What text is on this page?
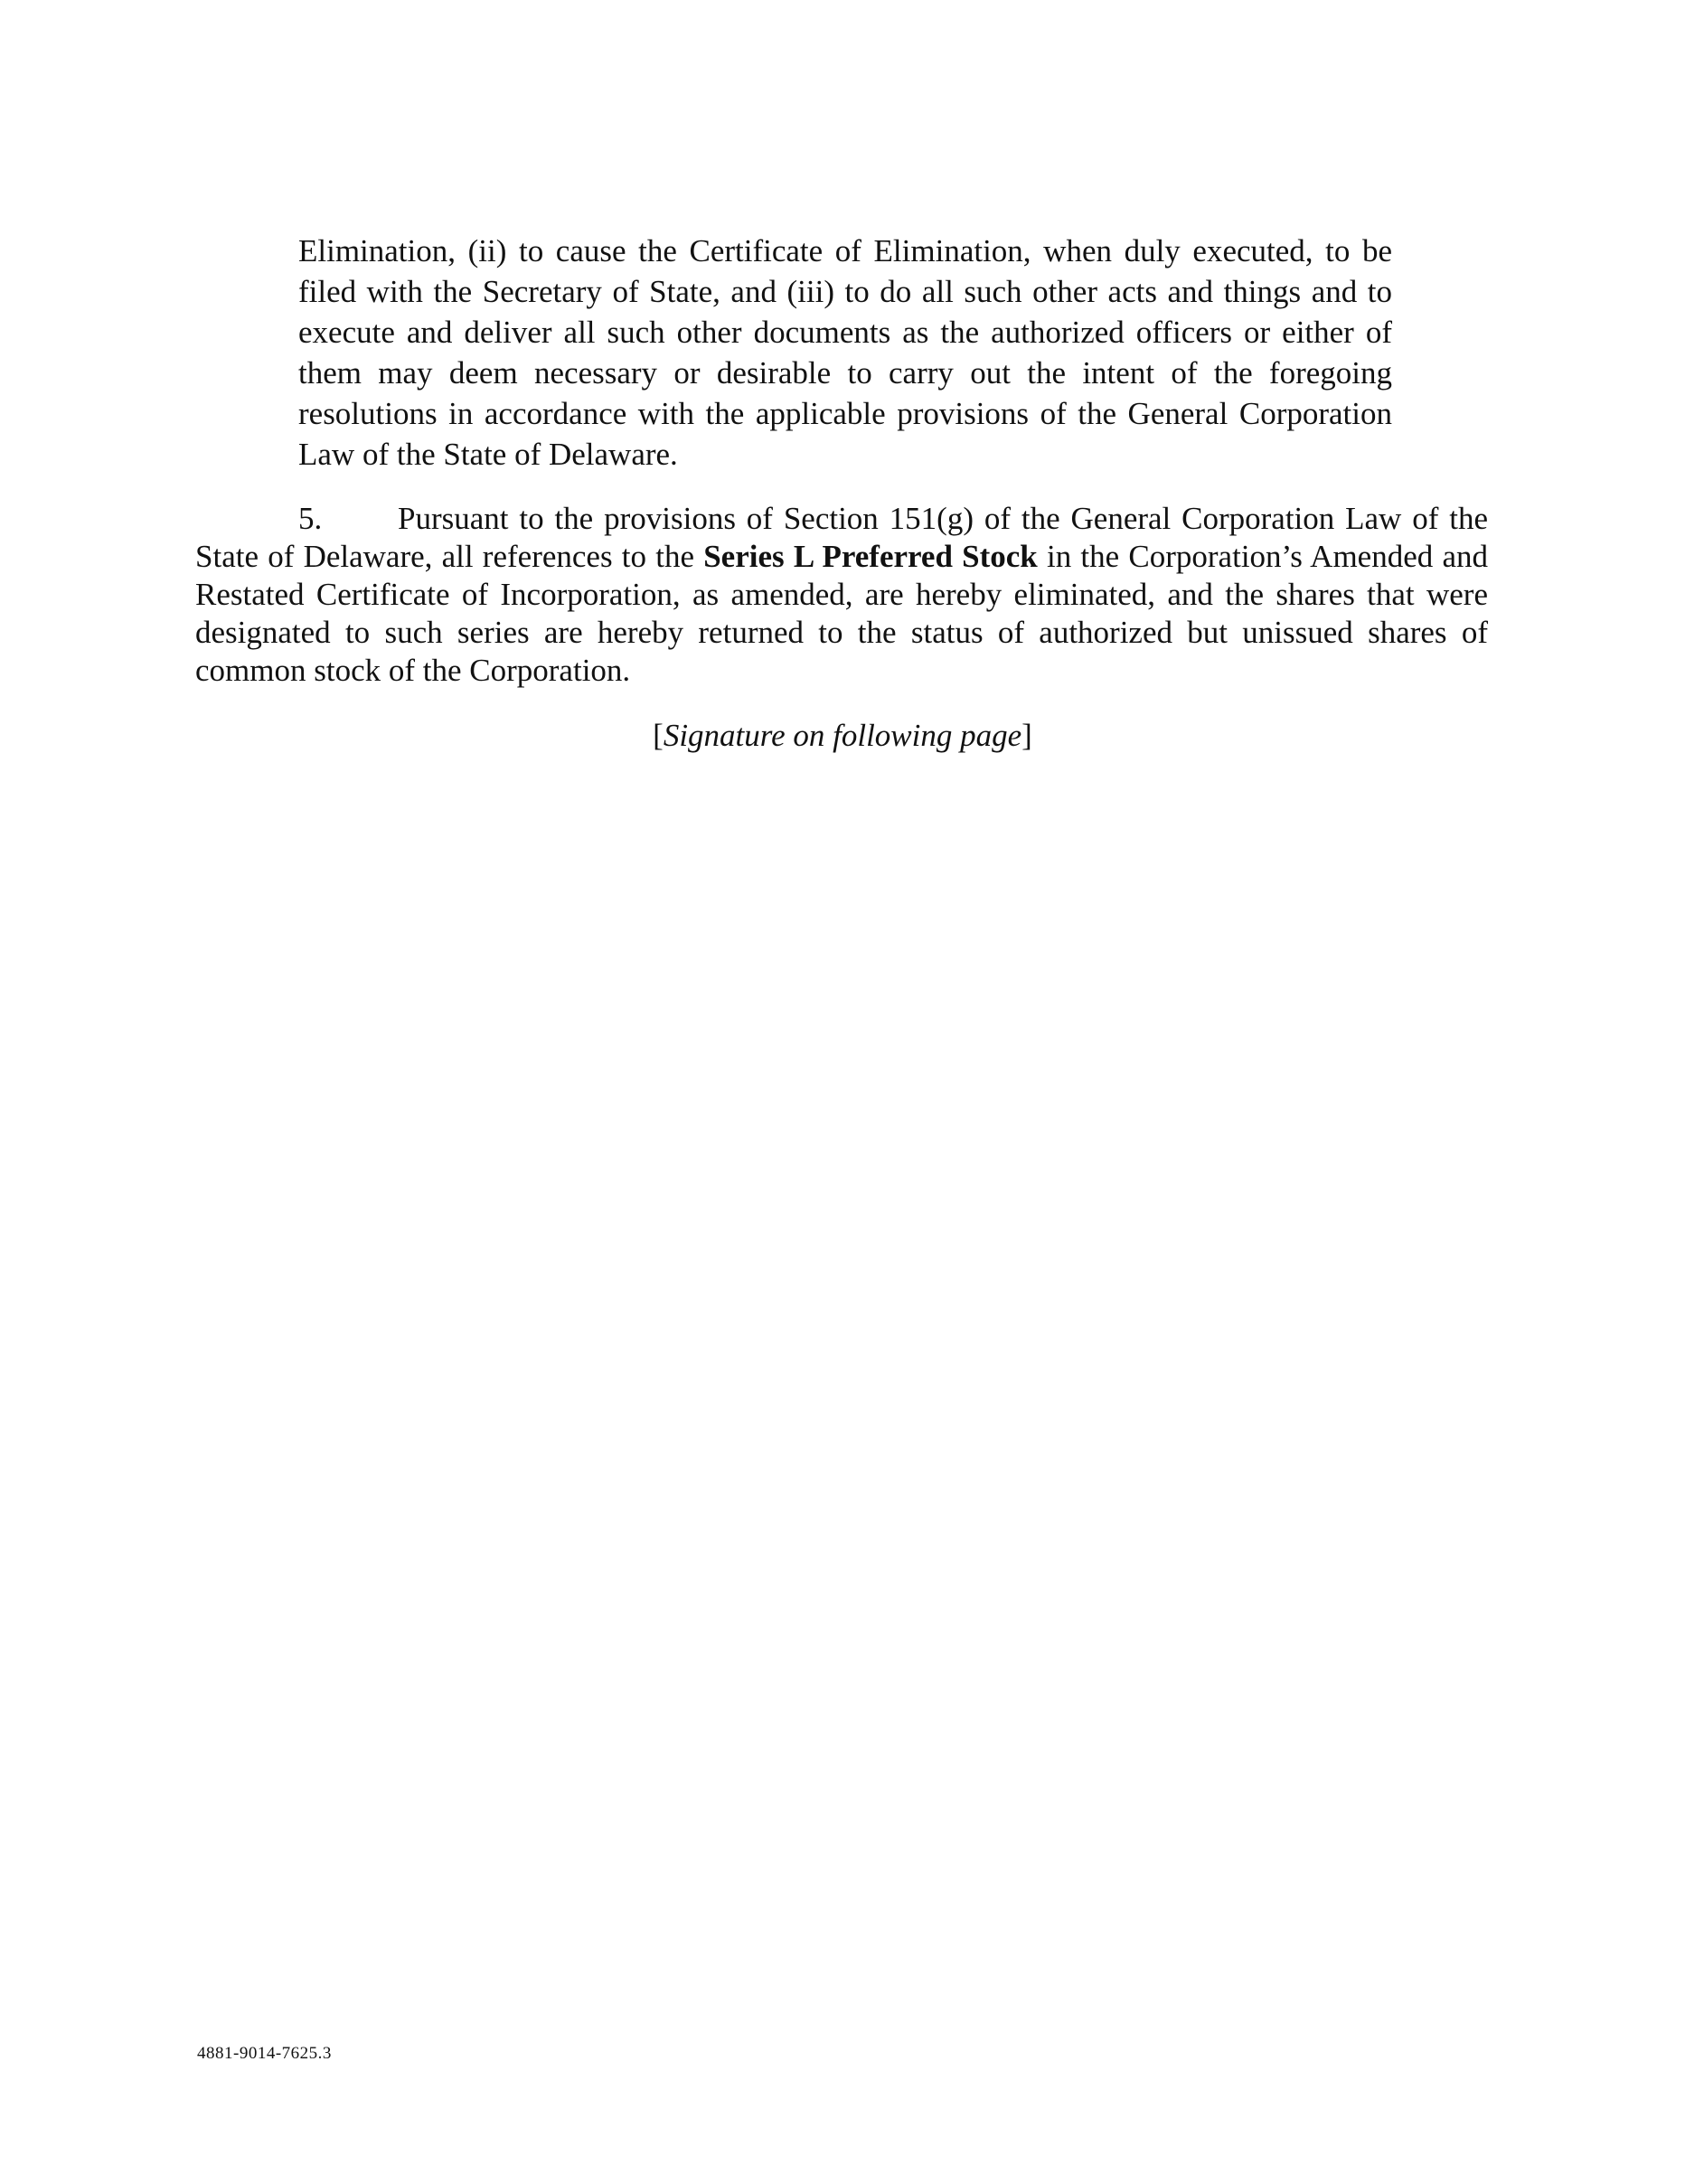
Elimination, (ii) to cause the Certificate of Elimination, when duly executed, to be filed with the Secretary of State, and (iii) to do all such other acts and things and to execute and deliver all such other documents as the authorized officers or either of them may deem necessary or desirable to carry out the intent of the foregoing resolutions in accordance with the applicable provisions of the General Corporation Law of the State of Delaware.

5. Pursuant to the provisions of Section 151(g) of the General Corporation Law of the State of Delaware, all references to the Series L Preferred Stock in the Corporation’s Amended and Restated Certificate of Incorporation, as amended, are hereby eliminated, and the shares that were designated to such series are hereby returned to the status of authorized but unissued shares of common stock of the Corporation.

[Signature on following page]

4881-9014-7625.3
